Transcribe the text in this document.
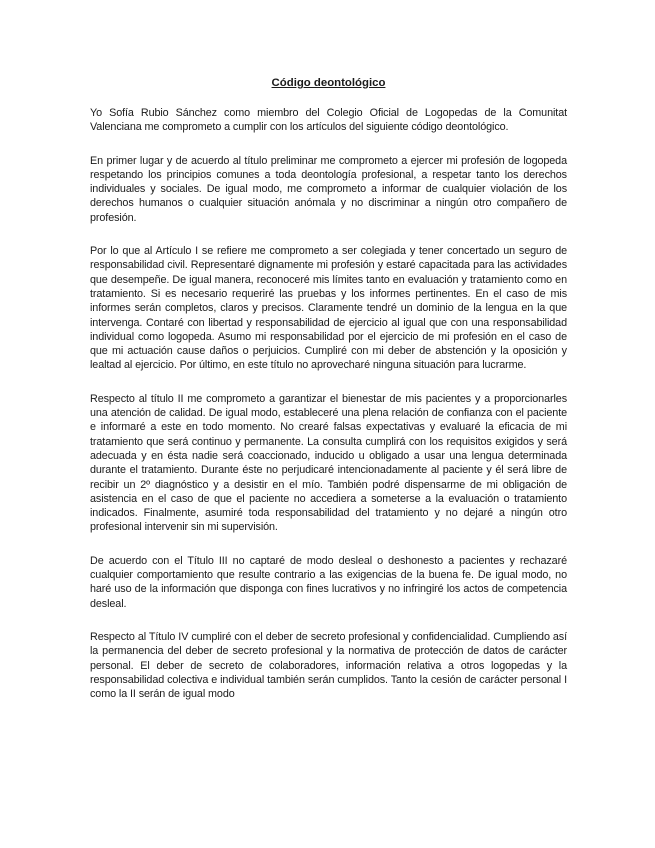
Código deontológico

Yo Sofía Rubio Sánchez como miembro del Colegio Oficial de Logopedas de la Comunitat Valenciana me comprometo a cumplir con los artículos del siguiente código deontológico.

En primer lugar y de acuerdo al título preliminar me comprometo a ejercer mi profesión de logopeda respetando los principios comunes a toda deontología profesional, a respetar tanto los derechos individuales y sociales. De igual modo, me comprometo a informar de cualquier violación de los derechos humanos o cualquier situación anómala y no discriminar a ningún otro compañero de profesión.

Por lo que al Artículo I se refiere me comprometo a ser colegiada y tener concertado un seguro de responsabilidad civil. Representaré dignamente mi profesión y estaré capacitada para las actividades que desempeñe. De igual manera, reconoceré mis límites tanto en evaluación y tratamiento como en tratamiento. Si es necesario requeriré las pruebas y los informes pertinentes. En el caso de mis informes serán completos, claros y precisos. Claramente tendré un dominio de la lengua en la que intervenga. Contaré con libertad y responsabilidad de ejercicio al igual que con una responsabilidad individual como logopeda. Asumo mi responsabilidad por el ejercicio de mi profesión en el caso de que mi actuación cause daños o perjuicios. Cumpliré con mi deber de abstención y la oposición y lealtad al ejercicio. Por último, en este título no aprovecharé ninguna situación para lucrarme.

Respecto al título II me comprometo a garantizar el bienestar de mis pacientes y a proporcionarles una atención de calidad. De igual modo, estableceré una plena relación de confianza con el paciente e informaré a este en todo momento. No crearé falsas expectativas y evaluaré la eficacia de mi tratamiento que será continuo y permanente. La consulta cumplirá con los requisitos exigidos y será adecuada y en ésta nadie será coaccionado, inducido u obligado a usar una lengua determinada durante el tratamiento. Durante éste no perjudicaré intencionadamente al paciente y él será libre de recibir un 2º diagnóstico y a desistir en el mío. También podré dispensarme de mi obligación de asistencia en el caso de que el paciente no accediera a someterse a la evaluación o tratamiento indicados. Finalmente, asumiré toda responsabilidad del tratamiento y no dejaré a ningún otro profesional intervenir sin mi supervisión.

De acuerdo con el Título III no captaré de modo desleal o deshonesto a pacientes y rechazaré cualquier comportamiento que resulte contrario a las exigencias de la buena fe. De igual modo, no haré uso de la información que disponga con fines lucrativos y no infringiré los actos de competencia desleal.

Respecto al Título IV cumpliré con el deber de secreto profesional y confidencialidad. Cumpliendo así la permanencia del deber de secreto profesional y la normativa de protección de datos de carácter personal. El deber de secreto de colaboradores, información relativa a otros logopedas y la responsabilidad colectiva e individual también serán cumplidos. Tanto la cesión de carácter personal I como la II serán de igual modo
